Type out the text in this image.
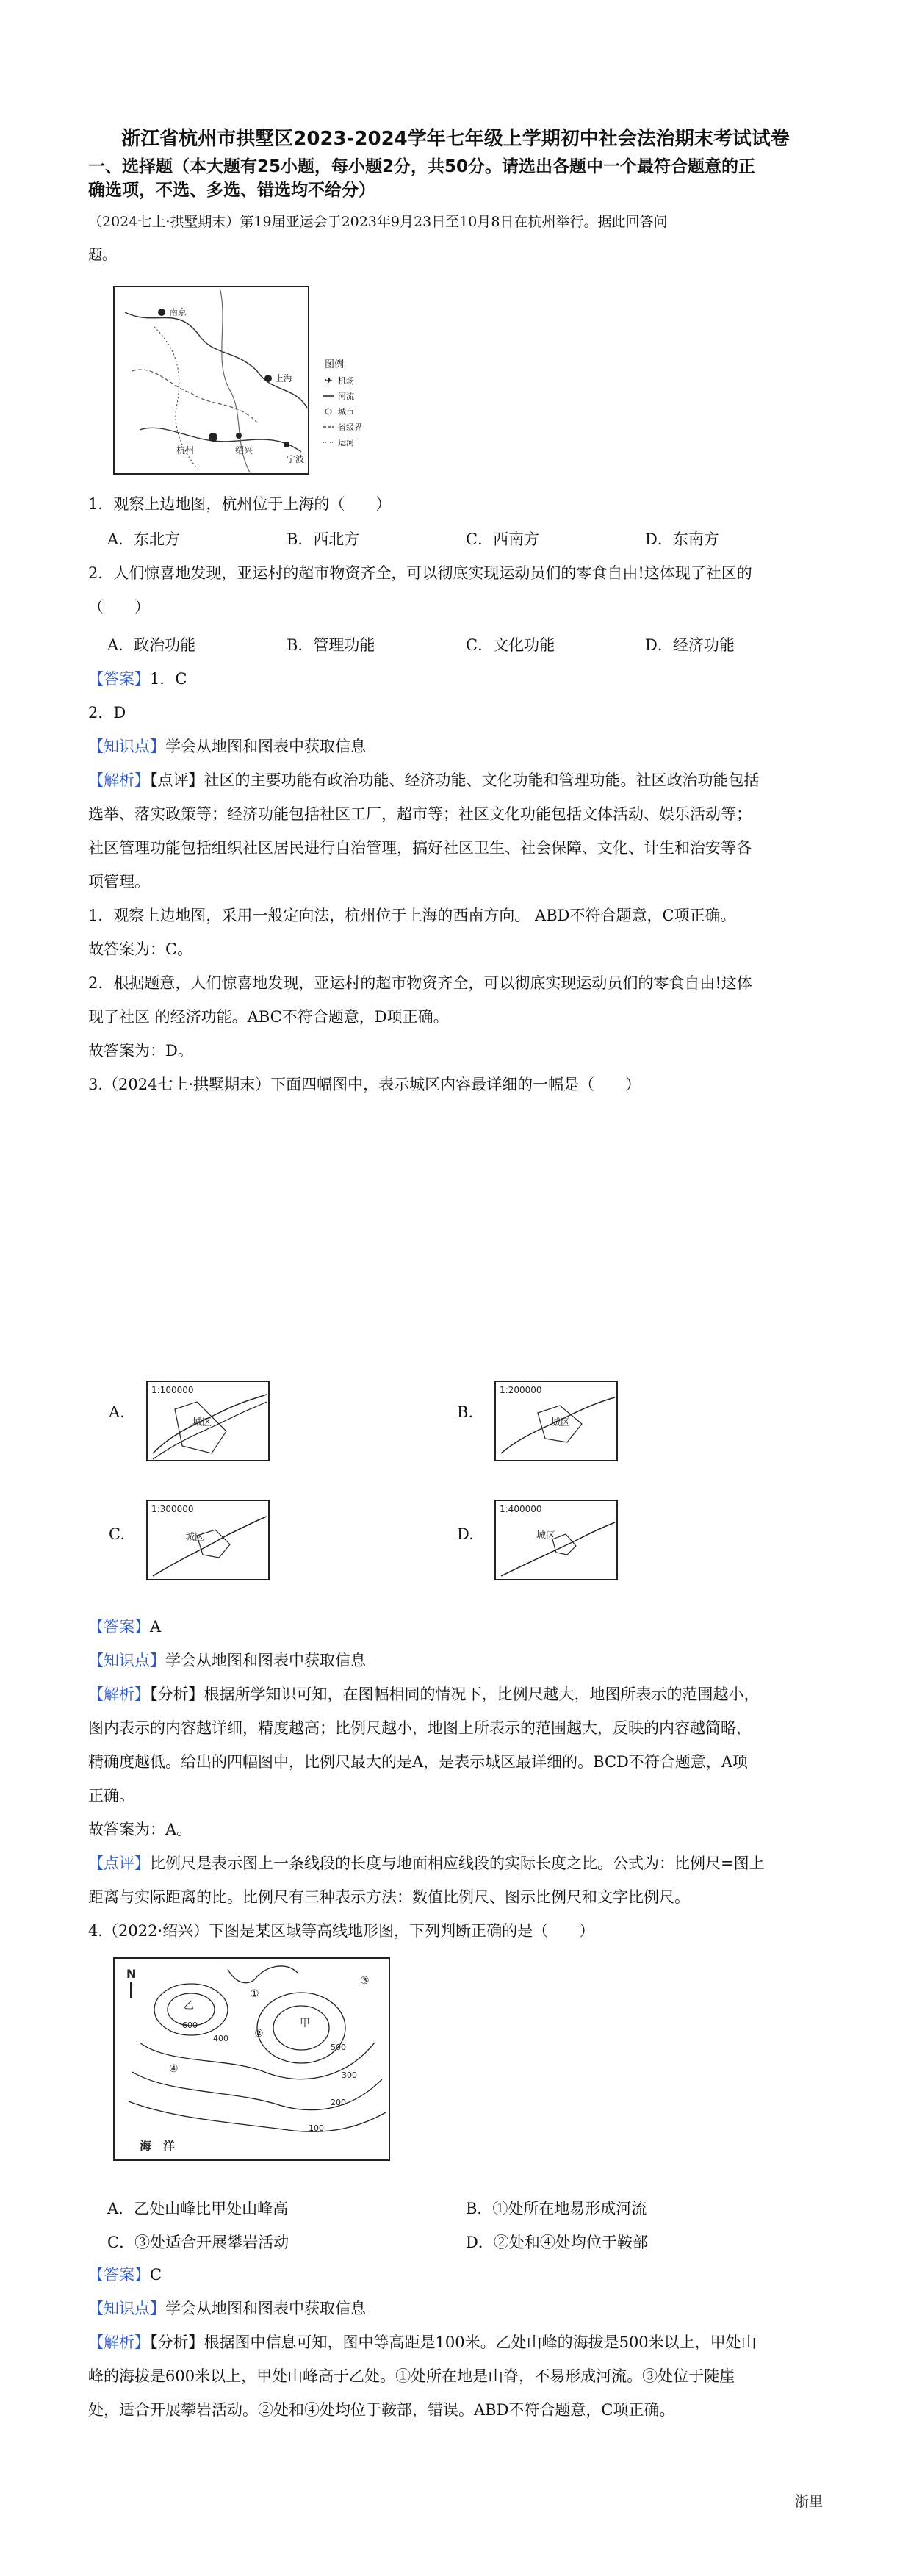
浙江省杭州市拱墅区2023-2024学年七年级上学期初中社会法治期末考试试卷
一、选择题（本大题有25小题，每小题2分，共50分。请选出各题中一个最符合题意的正
确选项，不选、多选、错选均不给分）
（2024七上·拱墅期末）第19届亚运会于2023年9月23日至10月8日在杭州举行。据此回答问
题。
南京
上海
杭州	绍兴
宁波
图例
✈ 机场
河流
城市
省级界
运河
1．观察上边地图，杭州位于上海的（　　）
A．东北方	B．西北方	C．西南方	D．东南方
2．人们惊喜地发现，亚运村的超市物资齐全，可以彻底实现运动员们的零食自由!这体现了社区的
（　　）
A．政治功能	B．管理功能	C．文化功能	D．经济功能
【答案】1．C
2．D
【知识点】学会从地图和图表中获取信息
【解析】【点评】社区的主要功能有政治功能、经济功能、文化功能和管理功能。社区政治功能包括
选举、落实政策等；经济功能包括社区工厂，超市等；社区文化功能包括文体活动、娱乐活动等；
社区管理功能包括组织社区居民进行自治管理，搞好社区卫生、社会保障、文化、计生和治安等各
项管理。
1．观察上边地图，采用一般定向法，杭州位于上海的西南方向。 ABD不符合题意，C项正确。
故答案为：C。
2．根据题意，人们惊喜地发现，亚运村的超市物资齐全，可以彻底实现运动员们的零食自由!这体
现了社区 的经济功能。ABC不符合题意，D项正确。
故答案为：D。
3.（2024七上·拱墅期末）下面四幅图中，表示城区内容最详细的一幅是（　　）
A.
1:100000
城区
B.
1:200000
城区
C.
1:300000
城区	D.
1:400000
城区
【答案】A
【知识点】学会从地图和图表中获取信息
【解析】【分析】根据所学知识可知，在图幅相同的情况下，比例尺越大，地图所表示的范围越小，
图内表示的内容越详细，精度越高；比例尺越小，地图上所表示的范围越大，反映的内容越简略，
精确度越低。给出的四幅图中，比例尺最大的是A，是表示城区最详细的。BCD不符合题意，A项
正确。
故答案为：A。
【点评】比例尺是表示图上一条线段的长度与地面相应线段的实际长度之比。公式为：比例尺=图上
距离与实际距离的比。比例尺有三种表示方法：数值比例尺、图示比例尺和文字比例尺。
4.（2022·绍兴）下图是某区域等高线地形图，下列判断正确的是（　　）
N
乙
甲
600
400
500
300
200
100
①
②
③
④
海　洋
A．乙处山峰比甲处山峰高	B．①处所在地易形成河流
C．③处适合开展攀岩活动	D．②处和④处均位于鞍部
【答案】C
【知识点】学会从地图和图表中获取信息
【解析】【分析】根据图中信息可知，图中等高距是100米。乙处山峰的海拔是500米以上，甲处山
峰的海拔是600米以上，甲处山峰高于乙处。①处所在地是山脊，不易形成河流。③处位于陡崖
处，适合开展攀岩活动。②处和④处均位于鞍部，错误。ABD不符合题意，C项正确。
浙里
